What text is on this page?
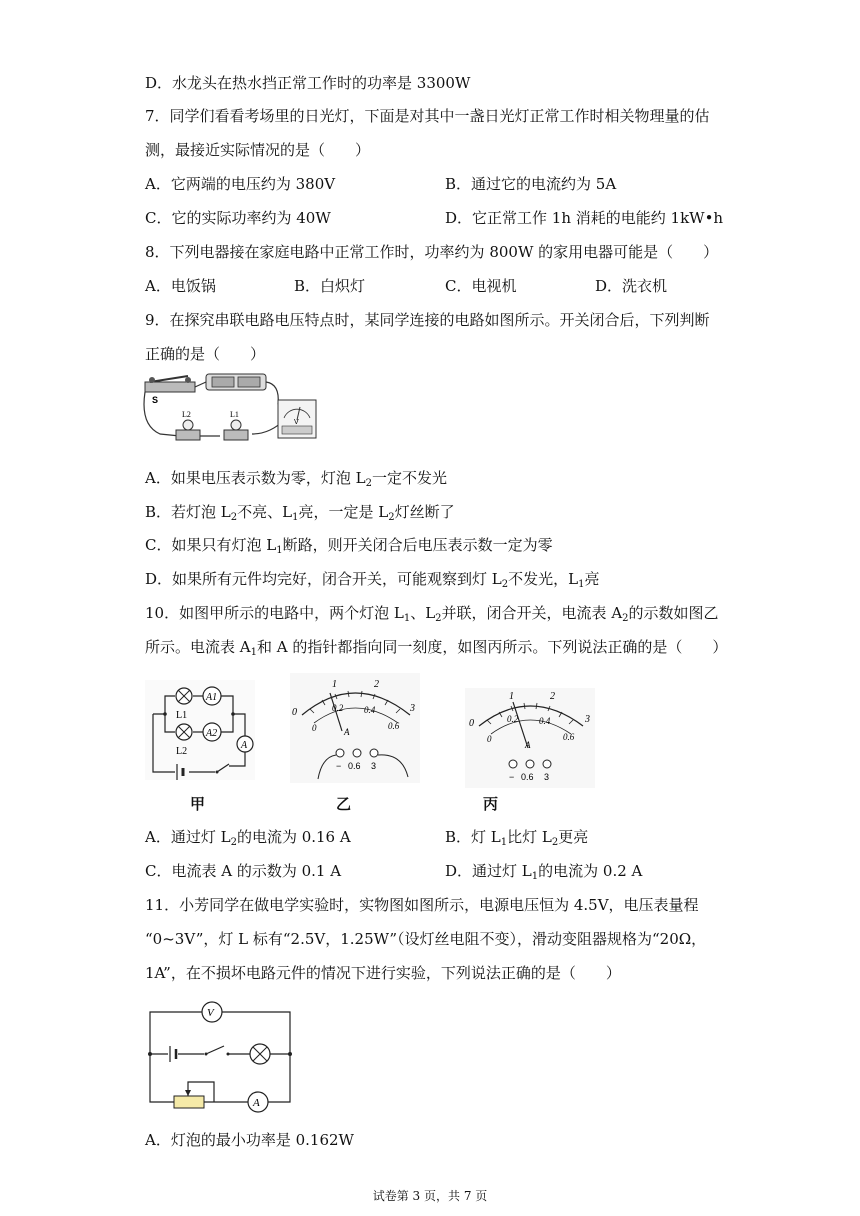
D．水龙头在热水挡正常工作时的功率是 3300W
7．同学们看看考场里的日光灯，下面是对其中一盏日光灯正常工作时相关物理量的估
测，最接近实际情况的是（　　）
A．它两端的电压约为 380V	B．通过它的电流约为 5A
C．它的实际功率约为 40W	D．它正常工作 1h 消耗的电能约 1kW•h
8．下列电器接在家庭电路中正常工作时，功率约为 800W 的家用电器可能是（　　）
A．电饭锅	B．白炽灯	C．电视机	D．洗衣机
9．在探究串联电路电压特点时，某同学连接的电路如图所示。开关闭合后，下列判断
正确的是（　　）
S
L2	L1
V
A．如果电压表示数为零，灯泡 $L_2$一定不发光
B．若灯泡 $L_2$不亮、$L_1$亮，一定是 $L_2$灯丝断了
C．如果只有灯泡 $L_1$断路，则开关闭合后电压表示数一定为零
D．如果所有元件均完好，闭合开关，可能观察到灯 $L_2$不发光，$L_1$亮
10．如图甲所示的电路中，两个灯泡 $L_1$、$L_2$并联，闭合开关，电流表 $A_2$的示数如图乙
所示。电流表 $A_1$和 A 的指针都指向同一刻度，如图丙所示。下列说法正确的是（　　）
A1
A2
A
L1
L2
甲
0
1	2
3
0
0.2 0.4
0.6
A
− 0.6 3
乙
0
1	2
3
0
0.2 0.4
0.6
A
− 0.6 3
丙
A．通过灯 $L_2$的电流为 0.16 A	B．灯 $L_1$比灯 $L_2$更亮
C．电流表 A 的示数为 0.1 A	D．通过灯 $L_1$的电流为 0.2 A
11．小芳同学在做电学实验时，实物图如图所示，电源电压恒为 4.5V，电压表量程
“0~3V”，灯 L 标有“2.5V，1.25W”（设灯丝电阻不变），滑动变阻器规格为“20Ω，
1A”，在不损坏电路元件的情况下进行实验，下列说法正确的是（　　）
V
A
A．灯泡的最小功率是 0.162W
试卷第 3 页，共 7 页
